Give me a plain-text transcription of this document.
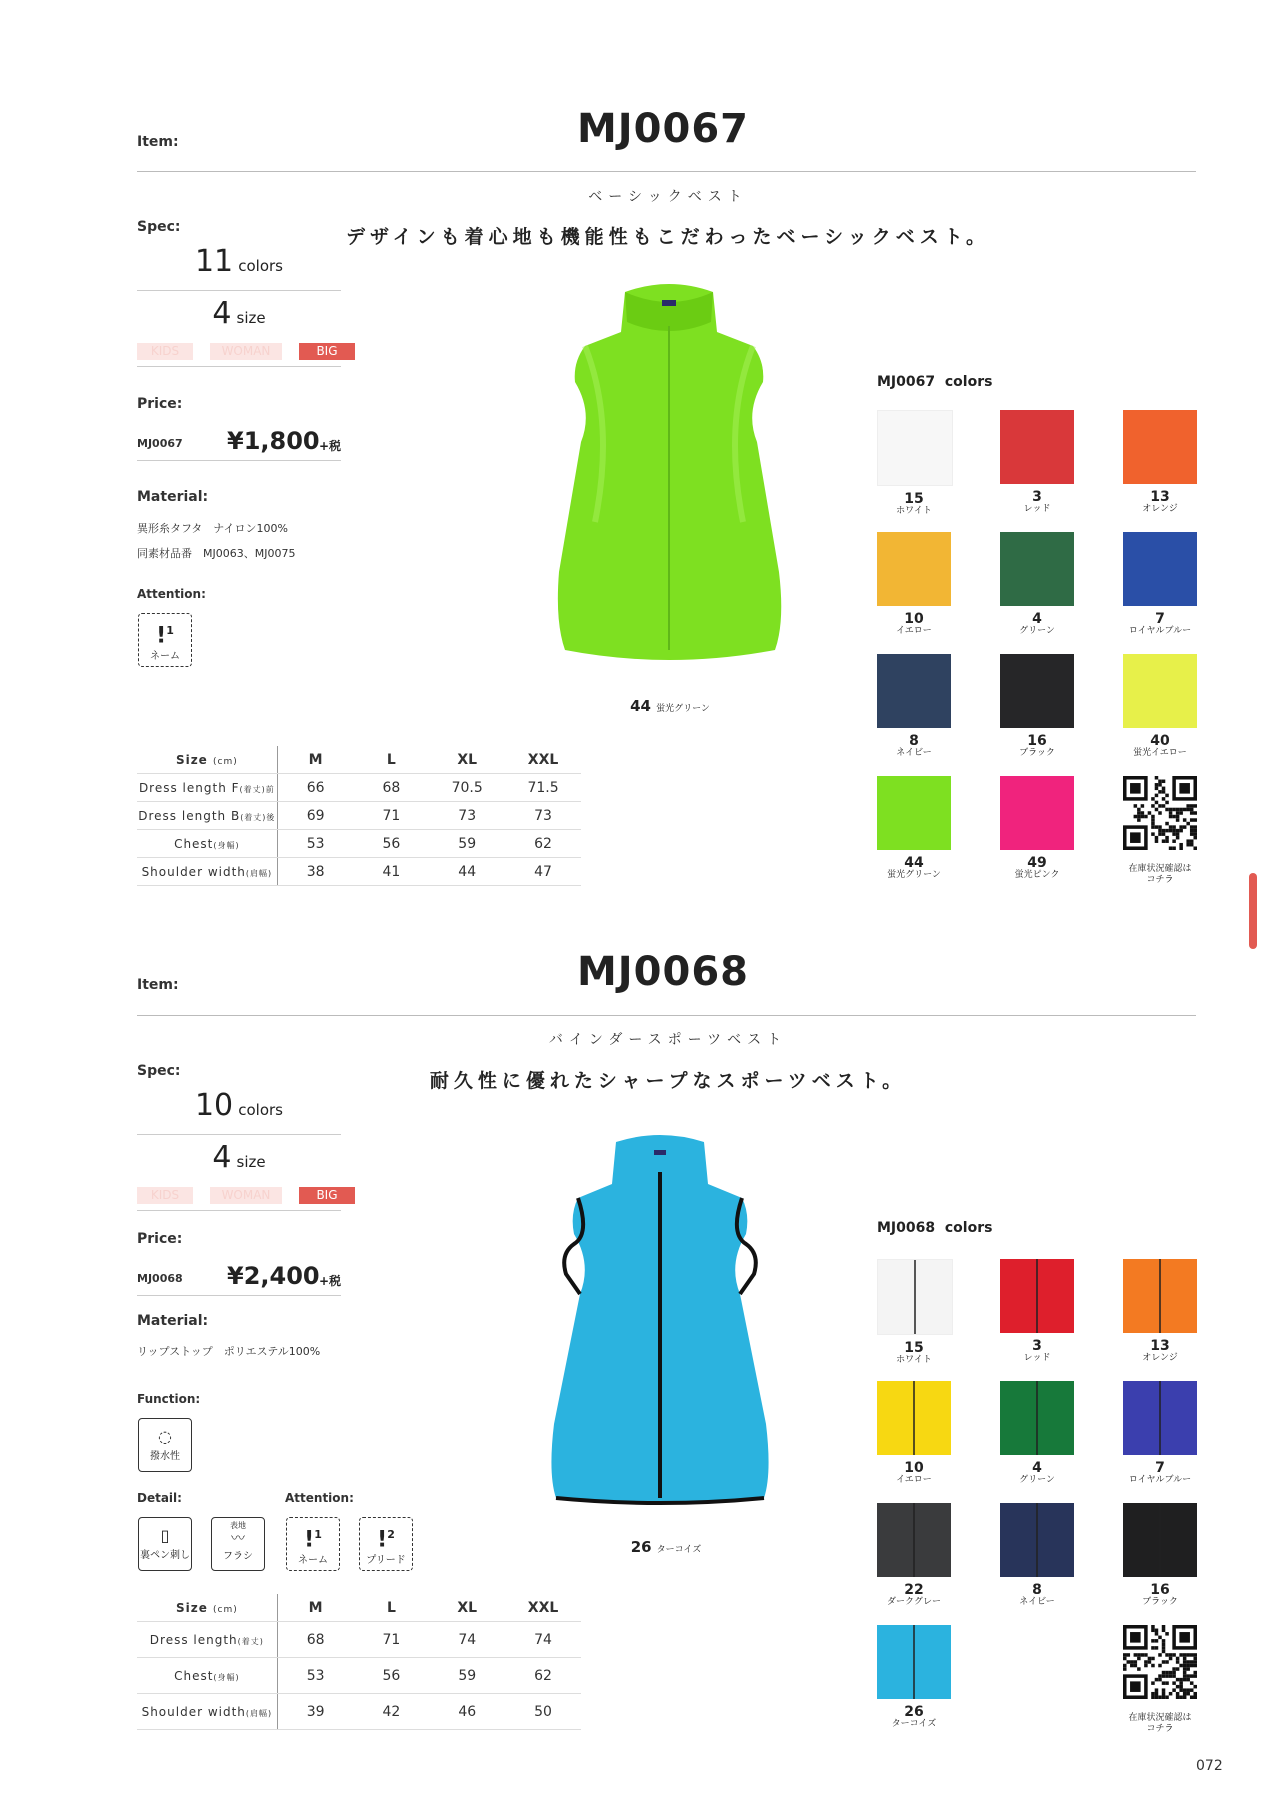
Item:	MJ0067
ベーシックベスト
デザインも着心地も機能性もこだわったベーシックベスト。
Spec:
11 colors
4 size
KIDS	WOMAN	BIG
Price:
MJ0067 ¥1,800 +税
Material:
異形糸タフタ　ナイロン100%
同素材品番　MJ0063、MJ0075
Attention:
!$^1$
ネーム
44 蛍光グリーン
Size (cm)	M	L	XL	XXL
Dress length F(着丈)前	66	68	70.5	71.5
Dress length B(着丈)後	69	71	73	73
Chest(身幅)	53	56	59	62
Shoulder width(肩幅)	38	41	44	47
MJ0067 colors
15
ホワイト
3
レッド
13
オレンジ
10
イエロー
4
グリーン
7
ロイヤルブルー
8
ネイビー
16
ブラック
40
蛍光イエロー
44
蛍光グリーン
49
蛍光ピンク
在庫状況確認は
コチラ
Item:	MJ0068
バインダースポーツベスト
耐久性に優れたシャープなスポーツベスト。
Spec:
10 colors
4 size
KIDS	WOMAN	BIG
Price:
MJ0068 ¥2,400 +税
Material:
リップストップ　ポリエステル100%
Function:
◌
撥水性
Detail:
▯
裏ペン刺し
表地
〰
フラシ
Attention:
!$^1$
ネーム
!$^2$
プリード
26 ターコイズ
Size (cm)	M	L	XL	XXL
Dress length(着丈)	68	71	74	74
Chest(身幅)	53	56	59	62
Shoulder width(肩幅)	39	42	46	50
MJ0068 colors
15
ホワイト
3
レッド
13
オレンジ
10
イエロー
4
グリーン
7
ロイヤルブルー
22
ダークグレー
8
ネイビー
16
ブラック
26
ターコイズ
在庫状況確認は
コチラ
072
